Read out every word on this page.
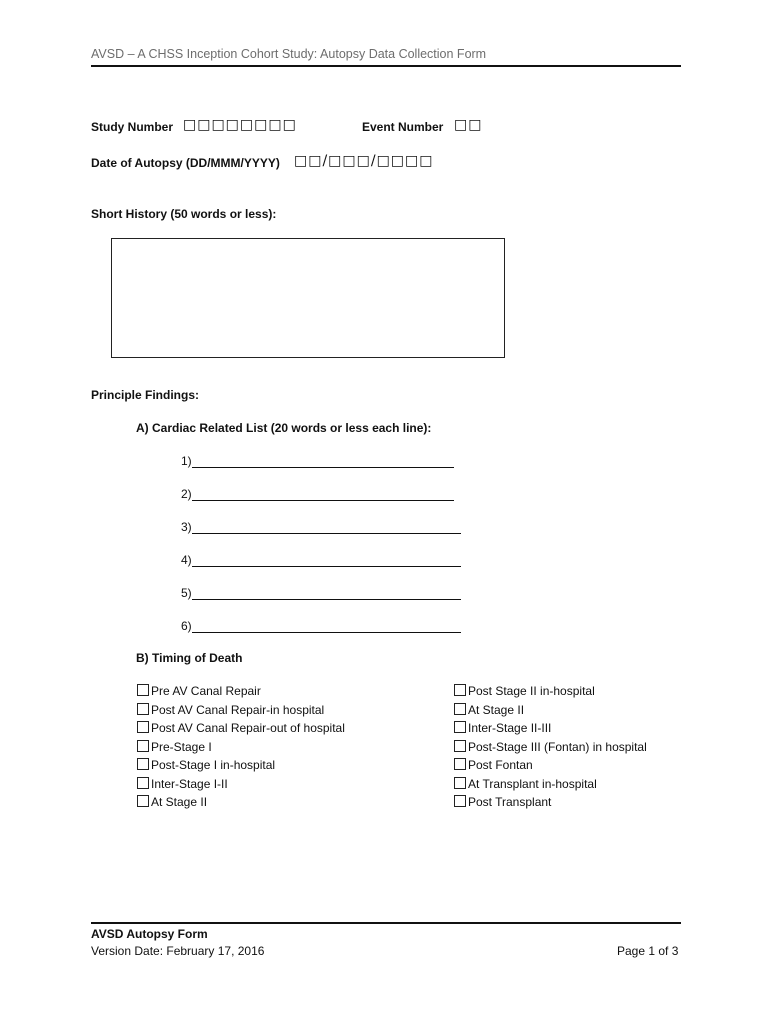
AVSD – A CHSS Inception Cohort Study: Autopsy Data Collection Form
Study Number □□□□□□□□	Event Number □□
Date of Autopsy (DD/MMM/YYYY) □□/□□□/□□□□
Short History (50 words or less):
Principle Findings:
A) Cardiac Related List (20 words or less each line):
1)
2)
3)
4)
5)
6)
B) Timing of Death
Pre AV Canal Repair
Post AV Canal Repair-in hospital
Post AV Canal Repair-out of hospital
Pre-Stage I
Post-Stage I in-hospital
Inter-Stage I-II
At Stage II
Post Stage II in-hospital
At Stage II
Inter-Stage II-III
Post-Stage III (Fontan) in hospital
Post Fontan
At Transplant in-hospital
Post Transplant
AVSD Autopsy Form
Version Date: February 17, 2016	Page 1 of 3
